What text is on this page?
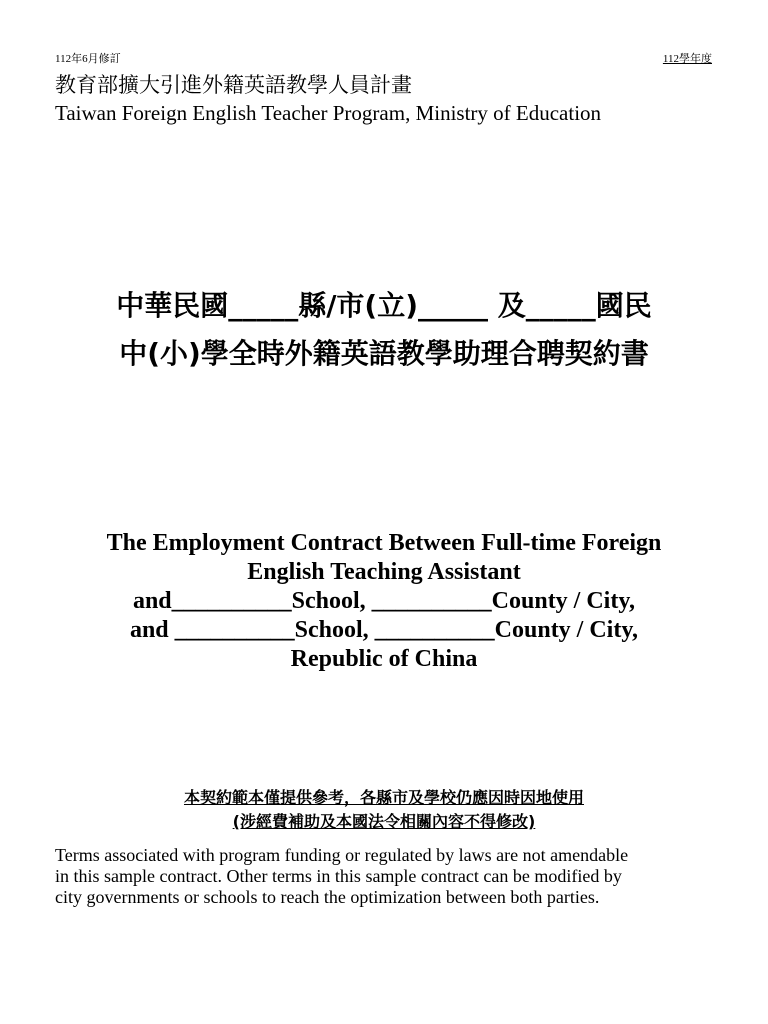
112年6月修訂	112學年度
教育部擴大引進外籍英語教學人員計畫
Taiwan Foreign English Teacher Program, Ministry of Education
中華民國_____縣/市(立)_____ 及_____國民
中(小)學全時外籍英語教學助理合聘契約書
The Employment Contract Between Full-time Foreign
English Teaching Assistant
and__________School, __________County / City,
and __________School, __________County / City,
Republic of China
本契約範本僅提供參考，各縣市及學校仍應因時因地使用
(涉經費補助及本國法令相關內容不得修改)
Terms associated with program funding or regulated by laws are not amendable
in this sample contract. Other terms in this sample contract can be modified by
city governments or schools to reach the optimization between both parties.
